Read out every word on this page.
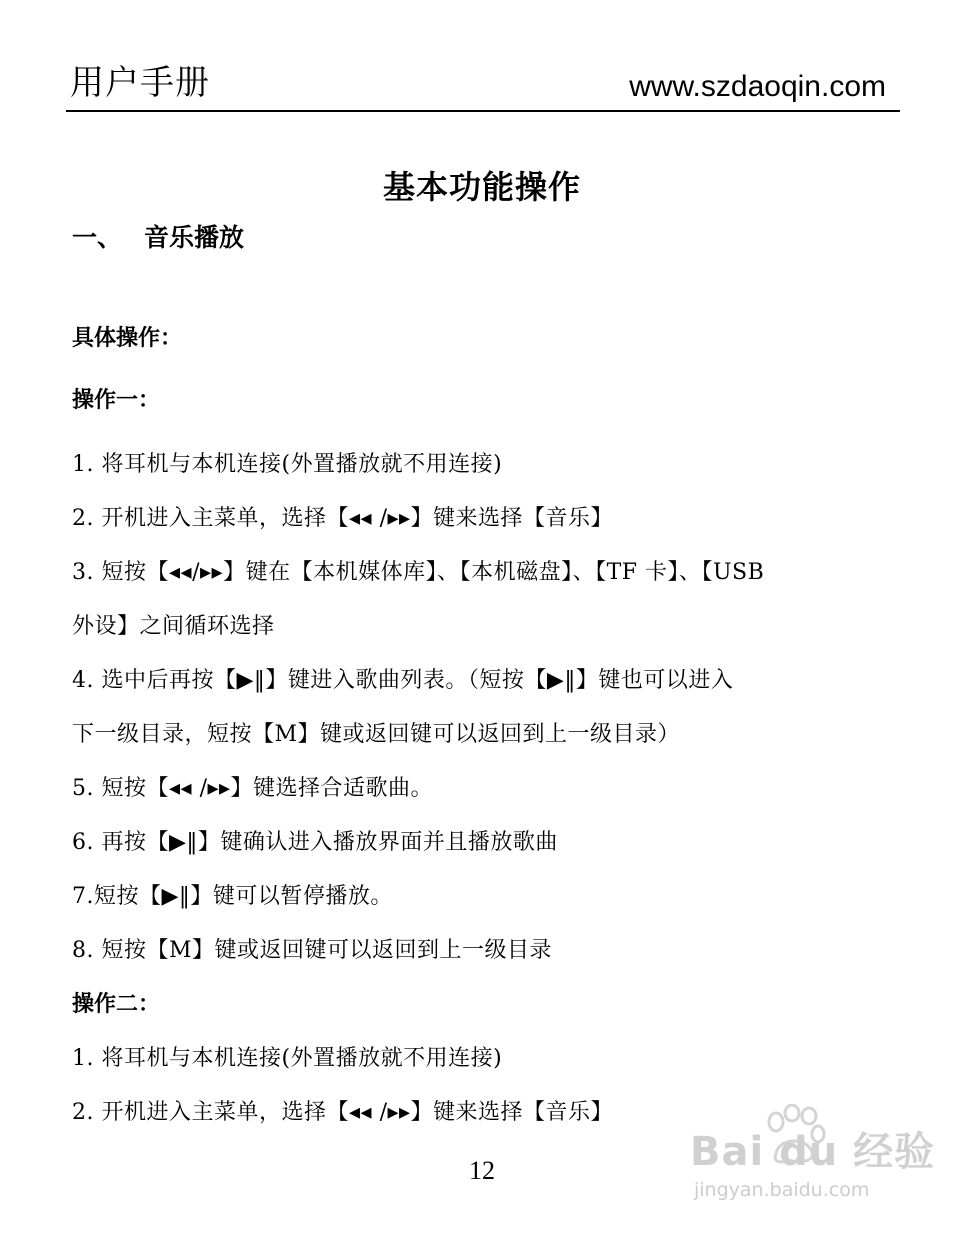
用户手册	www.szdaoqin.com
基本功能操作
一、 音乐播放
具体操作：
操作一：
1. 将耳机与本机连接(外置播放就不用连接)
2. 开机进入主菜单，选择【◂◂ /▸▸】键来选择【音乐】
3. 短按【◂◂/▸▸】键在【本机媒体库】、【本机磁盘】、【TF 卡】、【USB
外设】之间循环选择
4. 选中后再按【▶‖】键进入歌曲列表。（短按【▶‖】键也可以进入
下一级目录，短按【M】键或返回键可以返回到上一级目录）
5. 短按【◂◂ /▸▸】键选择合适歌曲。
6. 再按【▶‖】键确认进入播放界面并且播放歌曲
7.短按【▶‖】键可以暂停播放。
8. 短按【M】键或返回键可以返回到上一级目录
操作二：
1. 将耳机与本机连接(外置播放就不用连接)
2. 开机进入主菜单，选择【◂◂ /▸▸】键来选择【音乐】
Bai du 经验
jingyan.baidu.com
12
